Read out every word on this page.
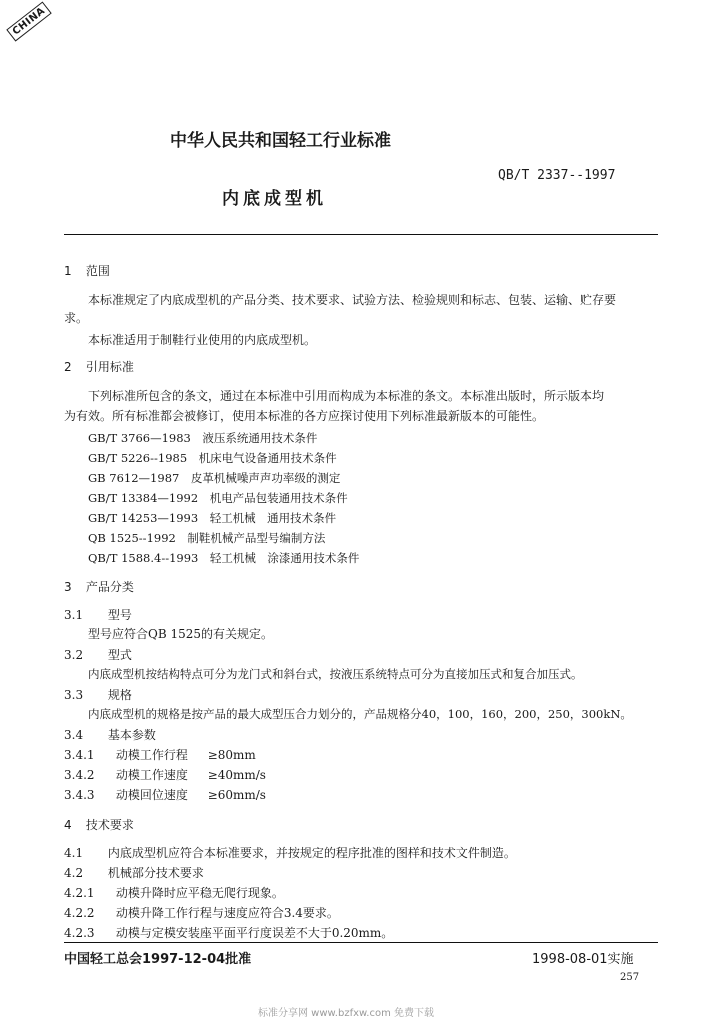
CHINA
中华人民共和国轻工行业标准
QB/T 2337--1997
内底成型机
1 范围
本标准规定了内底成型机的产品分类、技术要求、试验方法、检验规则和标志、包装、运输、贮存要
求。
本标准适用于制鞋行业使用的内底成型机。
2 引用标准
下列标准所包含的条文，通过在本标准中引用而构成为本标准的条文。本标准出版时，所示版本均
为有效。所有标准都会被修订，使用本标准的各方应探讨使用下列标准最新版本的可能性。
GB/T 3766—1983　液压系统通用技术条件
GB/T 5226--1985　机床电气设备通用技术条件
GB 7612—1987　皮革机械噪声声功率级的测定
GB/T 13384—1992　机电产品包装通用技术条件
GB/T 14253—1993　轻工机械　通用技术条件
QB 1525--1992　制鞋机械产品型号编制方法
QB/T 1588.4--1993　轻工机械　涂漆通用技术条件
3 产品分类
3.1 型号
型号应符合QB 1525的有关规定。
3.2 型式
内底成型机按结构特点可分为龙门式和斜台式，按液压系统特点可分为直接加压式和复合加压式。
3.3 规格
内底成型机的规格是按产品的最大成型压合力划分的，产品规格分40，100，160，200，250，300kN。
3.4 基本参数
3.4.1 动模工作行程 ≥80mm
3.4.2 动模工作速度 ≥40mm/s
3.4.3 动模回位速度 ≥60mm/s
4 技术要求
4.1 内底成型机应符合本标准要求，并按规定的程序批准的图样和技术文件制造。
4.2 机械部分技术要求
4.2.1 动模升降时应平稳无爬行现象。
4.2.2 动模升降工作行程与速度应符合3.4要求。
4.2.3 动模与定模安装座平面平行度误差不大于0.20mm。
中国轻工总会1997-12-04批准	1998-08-01实施
257
标准分享网 www.bzfxw.com 免费下载
